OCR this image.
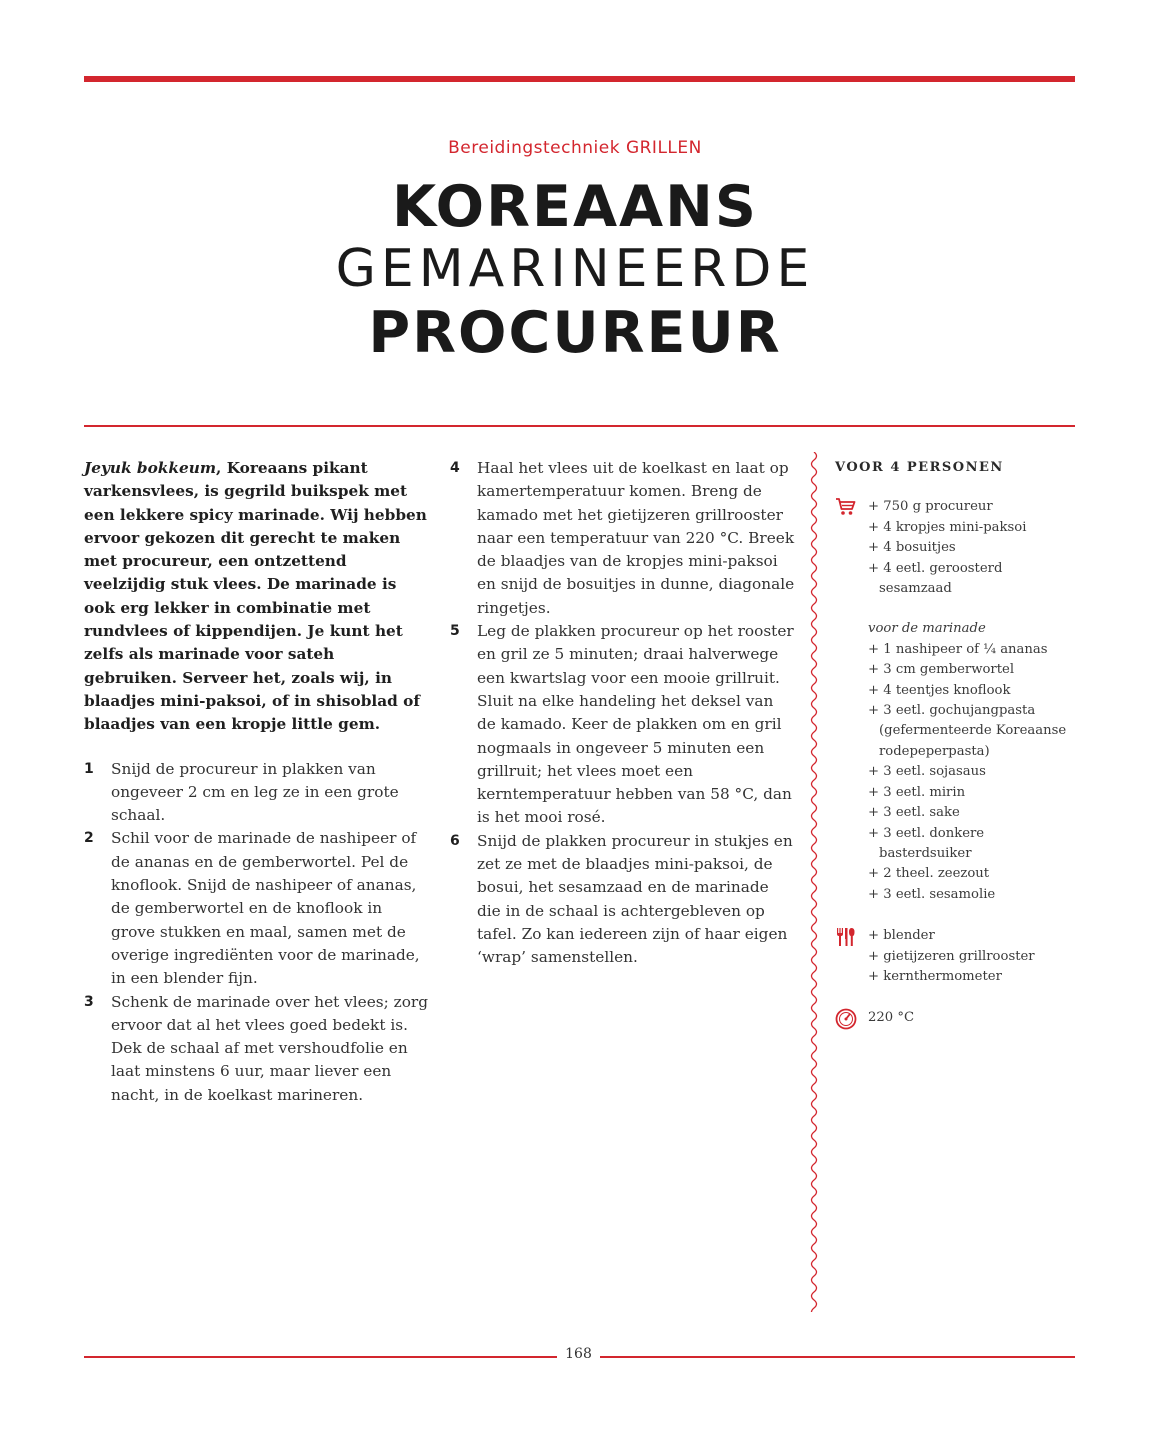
Bereidingstechniek GRILLEN
KOREAANS
GEMARINEERDE
PROCUREUR

Jeyuk bokkeum, Koreaans pikant varkensvlees, is gegrild buikspek met een lekkere spicy marinade. Wij hebben ervoor gekozen dit gerecht te maken met procureur, een ontzettend veelzijdig stuk vlees. De marinade is ook erg lekker in combinatie met rundvlees of kippendijen. Je kunt het zelfs als marinade voor sateh gebruiken. Serveer het, zoals wij, in blaadjes mini-paksoi, of in shisoblad of blaadjes van een kropje little gem.

1 Snijd de procureur in plakken van ongeveer 2 cm en leg ze in een grote schaal.

2 Schil voor de marinade de nashipeer of de ananas en de gemberwortel. Pel de knoflook. Snijd de nashipeer of ananas, de gemberwortel en de knoflook in grove stukken en maal, samen met de overige ingrediënten voor de marinade, in een blender fijn.

3 Schenk de marinade over het vlees; zorg ervoor dat al het vlees goed bedekt is. Dek de schaal af met vershoudfolie en laat minstens 6 uur, maar liever een nacht, in de koelkast marineren.

4 Haal het vlees uit de koelkast en laat op kamertemperatuur komen. Breng de kamado met het gietijzeren grillrooster naar een temperatuur van 220 °C. Breek de blaadjes van de kropjes mini-paksoi en snijd de bosuitjes in dunne, diagonale ringetjes.

5 Leg de plakken procureur op het rooster en gril ze 5 minuten; draai halverwege een kwartslag voor een mooie grillruit. Sluit na elke handeling het deksel van de kamado. Keer de plakken om en gril nogmaals in ongeveer 5 minuten een grillruit; het vlees moet een kerntemperatuur hebben van 58 °C, dan is het mooi rosé.

6 Snijd de plakken procureur in stukjes en zet ze met de blaadjes mini-paksoi, de bosui, het sesamzaad en de marinade die in de schaal is achtergebleven op tafel. Zo kan iedereen zijn of haar eigen ‘wrap’ samenstellen.

VOOR 4 PERSONEN
+ 750 g procureur
+ 4 kropjes mini-paksoi
+ 4 bosuitjes
+ 4 eetl. geroosterd sesamzaad
voor de marinade
+ 1 nashipeer of ¼ ananas
+ 3 cm gemberwortel
+ 4 teentjes knoflook
+ 3 eetl. gochujangpasta (gefermenteerde Koreaanse rodepeperpasta)
+ 3 eetl. sojasaus
+ 3 eetl. mirin
+ 3 eetl. sake
+ 3 eetl. donkere basterdsuiker
+ 2 theel. zeezout
+ 3 eetl. sesamolie
+ blender
+ gietijzeren grillrooster
+ kernthermometer
220 °C
168
